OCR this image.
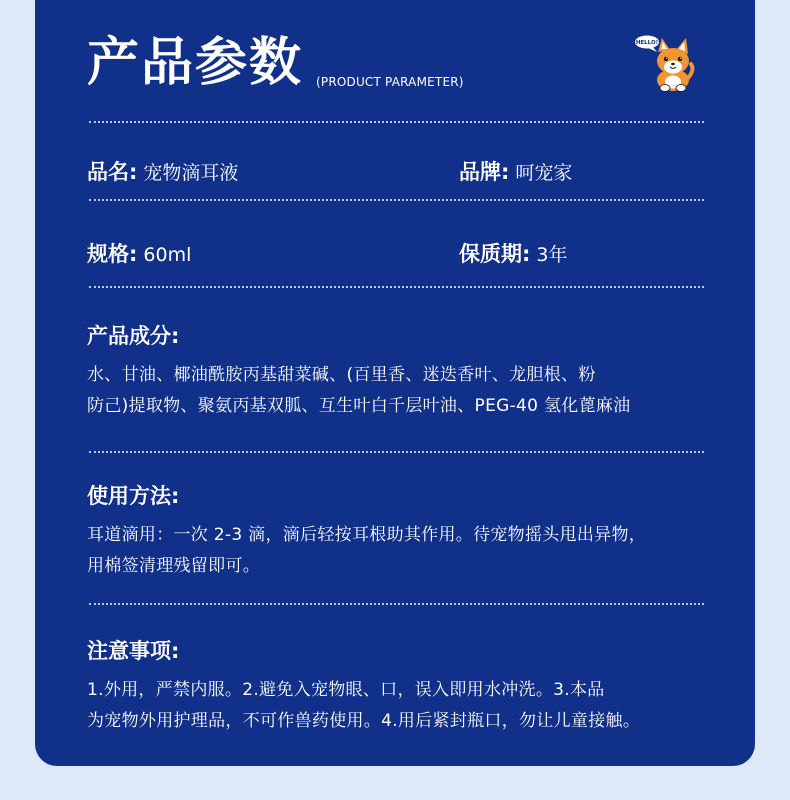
产品参数 (PRODUCT PARAMETER)
HELLO!
品名: 宠物滴耳液	品牌: 呵宠家
规格: 60ml	保质期: 3年
产品成分:
水、甘油、椰油酰胺丙基甜菜碱、(百里香、迷迭香叶、龙胆根、粉
防己)提取物、聚氨丙基双胍、互生叶白千层叶油、PEG-40 氢化蓖麻油
使用方法:
耳道滴用：一次 2-3 滴，滴后轻按耳根助其作用。待宠物摇头甩出异物，
用棉签清理残留即可。
注意事项:
1.外用，严禁内服。2.避免入宠物眼、口，误入即用水冲洗。3.本品
为宠物外用护理品，不可作兽药使用。4.用后紧封瓶口，勿让儿童接触。
